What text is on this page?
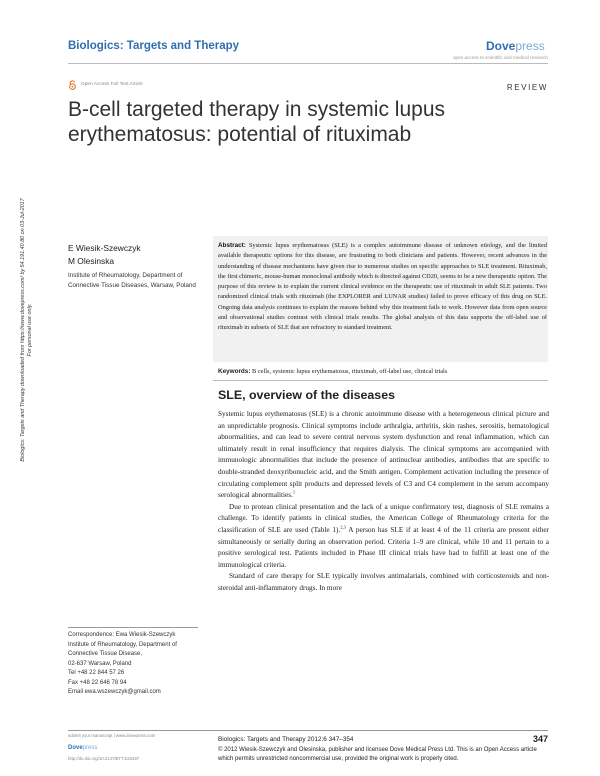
Biologics: Targets and Therapy	Dovepress
open access to scientific and medical research
Open Access Full Text Article	REVIEW
B-cell targeted therapy in systemic lupus erythematosus: potential of rituximab
Biologics: Targets and Therapy downloaded from https://www.dovepress.com/ by 54.191.40.80 on 03-Jul-2017 For personal use only.
E Wiesik-Szewczyk
M Olesinska
Institute of Rheumatology, Department of Connective Tissue Diseases, Warsaw, Poland
Abstract: Systemic lupus erythematosus (SLE) is a complex autoimmune disease of unknown etiology, and the limited available therapeutic options for this disease, are frustrating to both clinicians and patients. However, recent advances in the understanding of disease mechanisms have given rise to numerous studies on specific approaches to SLE treatment. Rituximab, the first chimeric, mouse-human monoclonal antibody which is directed against CD20, seems to be a new therapeutic option. The purpose of this review is to explain the current clinical evidence on the therapeutic use of rituximab in adult SLE patients. Two randomized clinical trials with rituximab (the EXPLORER and LUNAR studies) failed to prove efficacy of this drug on SLE. Ongoing data analysis continues to explain the reasons behind why this treatment fails to work. However data from open source and observational studies contrast with clinical trials results. The global analysis of this data supports the off-label use of rituximab in subsets of SLE that are refractory to standard treatment.
Keywords: B cells, systemic lupus erythematosus, rituximab, off-label use, clinical trials
SLE, overview of the diseases

Systemic lupus erythematosus (SLE) is a chronic autoimmune disease with a heterogeneous clinical picture and an unpredictable prognosis. Clinical symptoms include arthralgia, arthritis, skin rashes, serositis, hematological abnormalities, and can lead to severe central nervous system dysfunction and renal inflammation, which can ultimately result in renal insufficiency that requires dialysis. The clinical symptoms are accompanied with immunologic abnormalities that include the presence of antinuclear antibodies, antibodies that are specific to double-stranded deoxyribonucleic acid, and the Smith antigen. Complement activation including the presence of circulating complement split products and depressed levels of C3 and C4 complement in the serum accompany serological abnormalities.$^1$

Due to protean clinical presentation and the lack of a unique confirmatory test, diagnosis of SLE remains a challenge. To identify patients in clinical studies, the American College of Rheumatology criteria for the classification of SLE are used (Table 1).$^{2,3}$ A person has SLE if at least 4 of the 11 criteria are present either simultaneously or serially during an observation period. Criteria 1–9 are clinical, while 10 and 11 pertain to a positive serological test. Patients included in Phase III clinical trials have had to fulfill at least one of the immunological criteria.

Standard of care therapy for SLE typically involves antimalarials, combined with corticosteroids and non-steroidal anti-inflammatory drugs. In more

Correspondence: Ewa Wiesik-Szewczyk
Institute of Rheumatology, Department of Connective Tissue Disease,
02-637 Warsaw, Poland
Tel +48 22 844 57 26
Fax +48 22 646 78 94
Email ewa.wszewczyk@gmail.com
submit your manuscript | www.dovepress.com
Dovepress
http://dx.doi.org/10.2147/BTT.S23497
Biologics: Targets and Therapy 2012:6 347–354	347
© 2012 Wiesik-Szewczyk and Olesinska, publisher and licensee Dove Medical Press Ltd. This is an Open Access article which permits unrestricted noncommercial use, provided the original work is properly cited.
